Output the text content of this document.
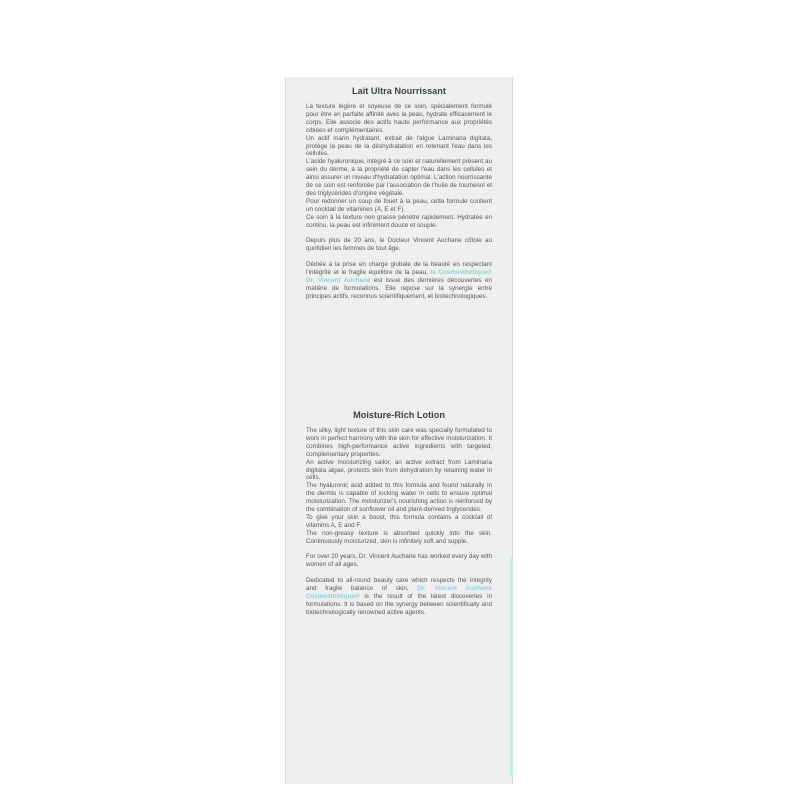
Lait Ultra Nourrissant

La texture légère et soyeuse de ce soin, spécialement formulé pour être en parfaite affinité avec la peau, hydrate efficacement le corps. Elle associe des actifs haute performance aux propriétés ciblées et complémentaires.

Un actif marin hydratant, extrait de l'algue Laminaria digitata, protège la peau de la déshydratation en retenant l'eau dans les cellules.

L'acide hyaluronique, intégré à ce soin et naturellement présent au sein du derme, a la propriété de capter l'eau dans les cellules et ainsi assurer un niveau d'hydratation optimal. L'action nourrissante de ce soin est renforcée par l'association de l'huile de tournesol et des triglycérides d'origine végétale.

Pour redonner un coup de fouet à la peau, cette formule contient un cocktail de vitamines (A, E et F).

Ce soin à la texture non grasse pénètre rapidement. Hydratée en continu, la peau est infiniment douce et souple.

Depuis plus de 20 ans, le Docteur Vincent Auchane côtoie au quotidien les femmes de tout âge.

Dédiée à la prise en charge globale de la beauté en respectant l'intégrité et le fragile équilibre de la peau, la Cosmesthétique® Dr. Vincent Auchane est issue des dernières découvertes en matière de formulations. Elle repose sur la synergie entre principes actifs, reconnus scientifiquement, et biotechnologiques.

Moisture-Rich Lotion

The silky, light texture of this skin care was specially formulated to work in perfect harmony with the skin for effective moisturization. It combines high-performance active ingredients with targeted, complementary properties.

An active moisturizing sailor, an active extract from Laminaria digitata algae, protects skin from dehydration by retaining water in cells.

The hyaluronic acid added to this formula and found naturally in the dermis is capable of locking water in cells to ensure optimal moisturization. The moisturizer's nourishing action is reinforced by the combination of sunflower oil and plant-derived triglycerides.

To give your skin a boost, this formula contains a cocktail of vitamins A, E and F.

The non-greasy texture is absorbed quickly into the skin. Continuously moisturized, skin is infinitely soft and supple.

For over 20 years, Dr. Vincent Auchane has worked every day with women of all ages.

Dedicated to all-round beauty care which respects the integrity and fragile balance of skin, Dr. Vincent Auchane Cosmesthétique® is the result of the latest discoveries in formulations. It is based on the synergy between scientifically and biotechnologically renowned active agents.
